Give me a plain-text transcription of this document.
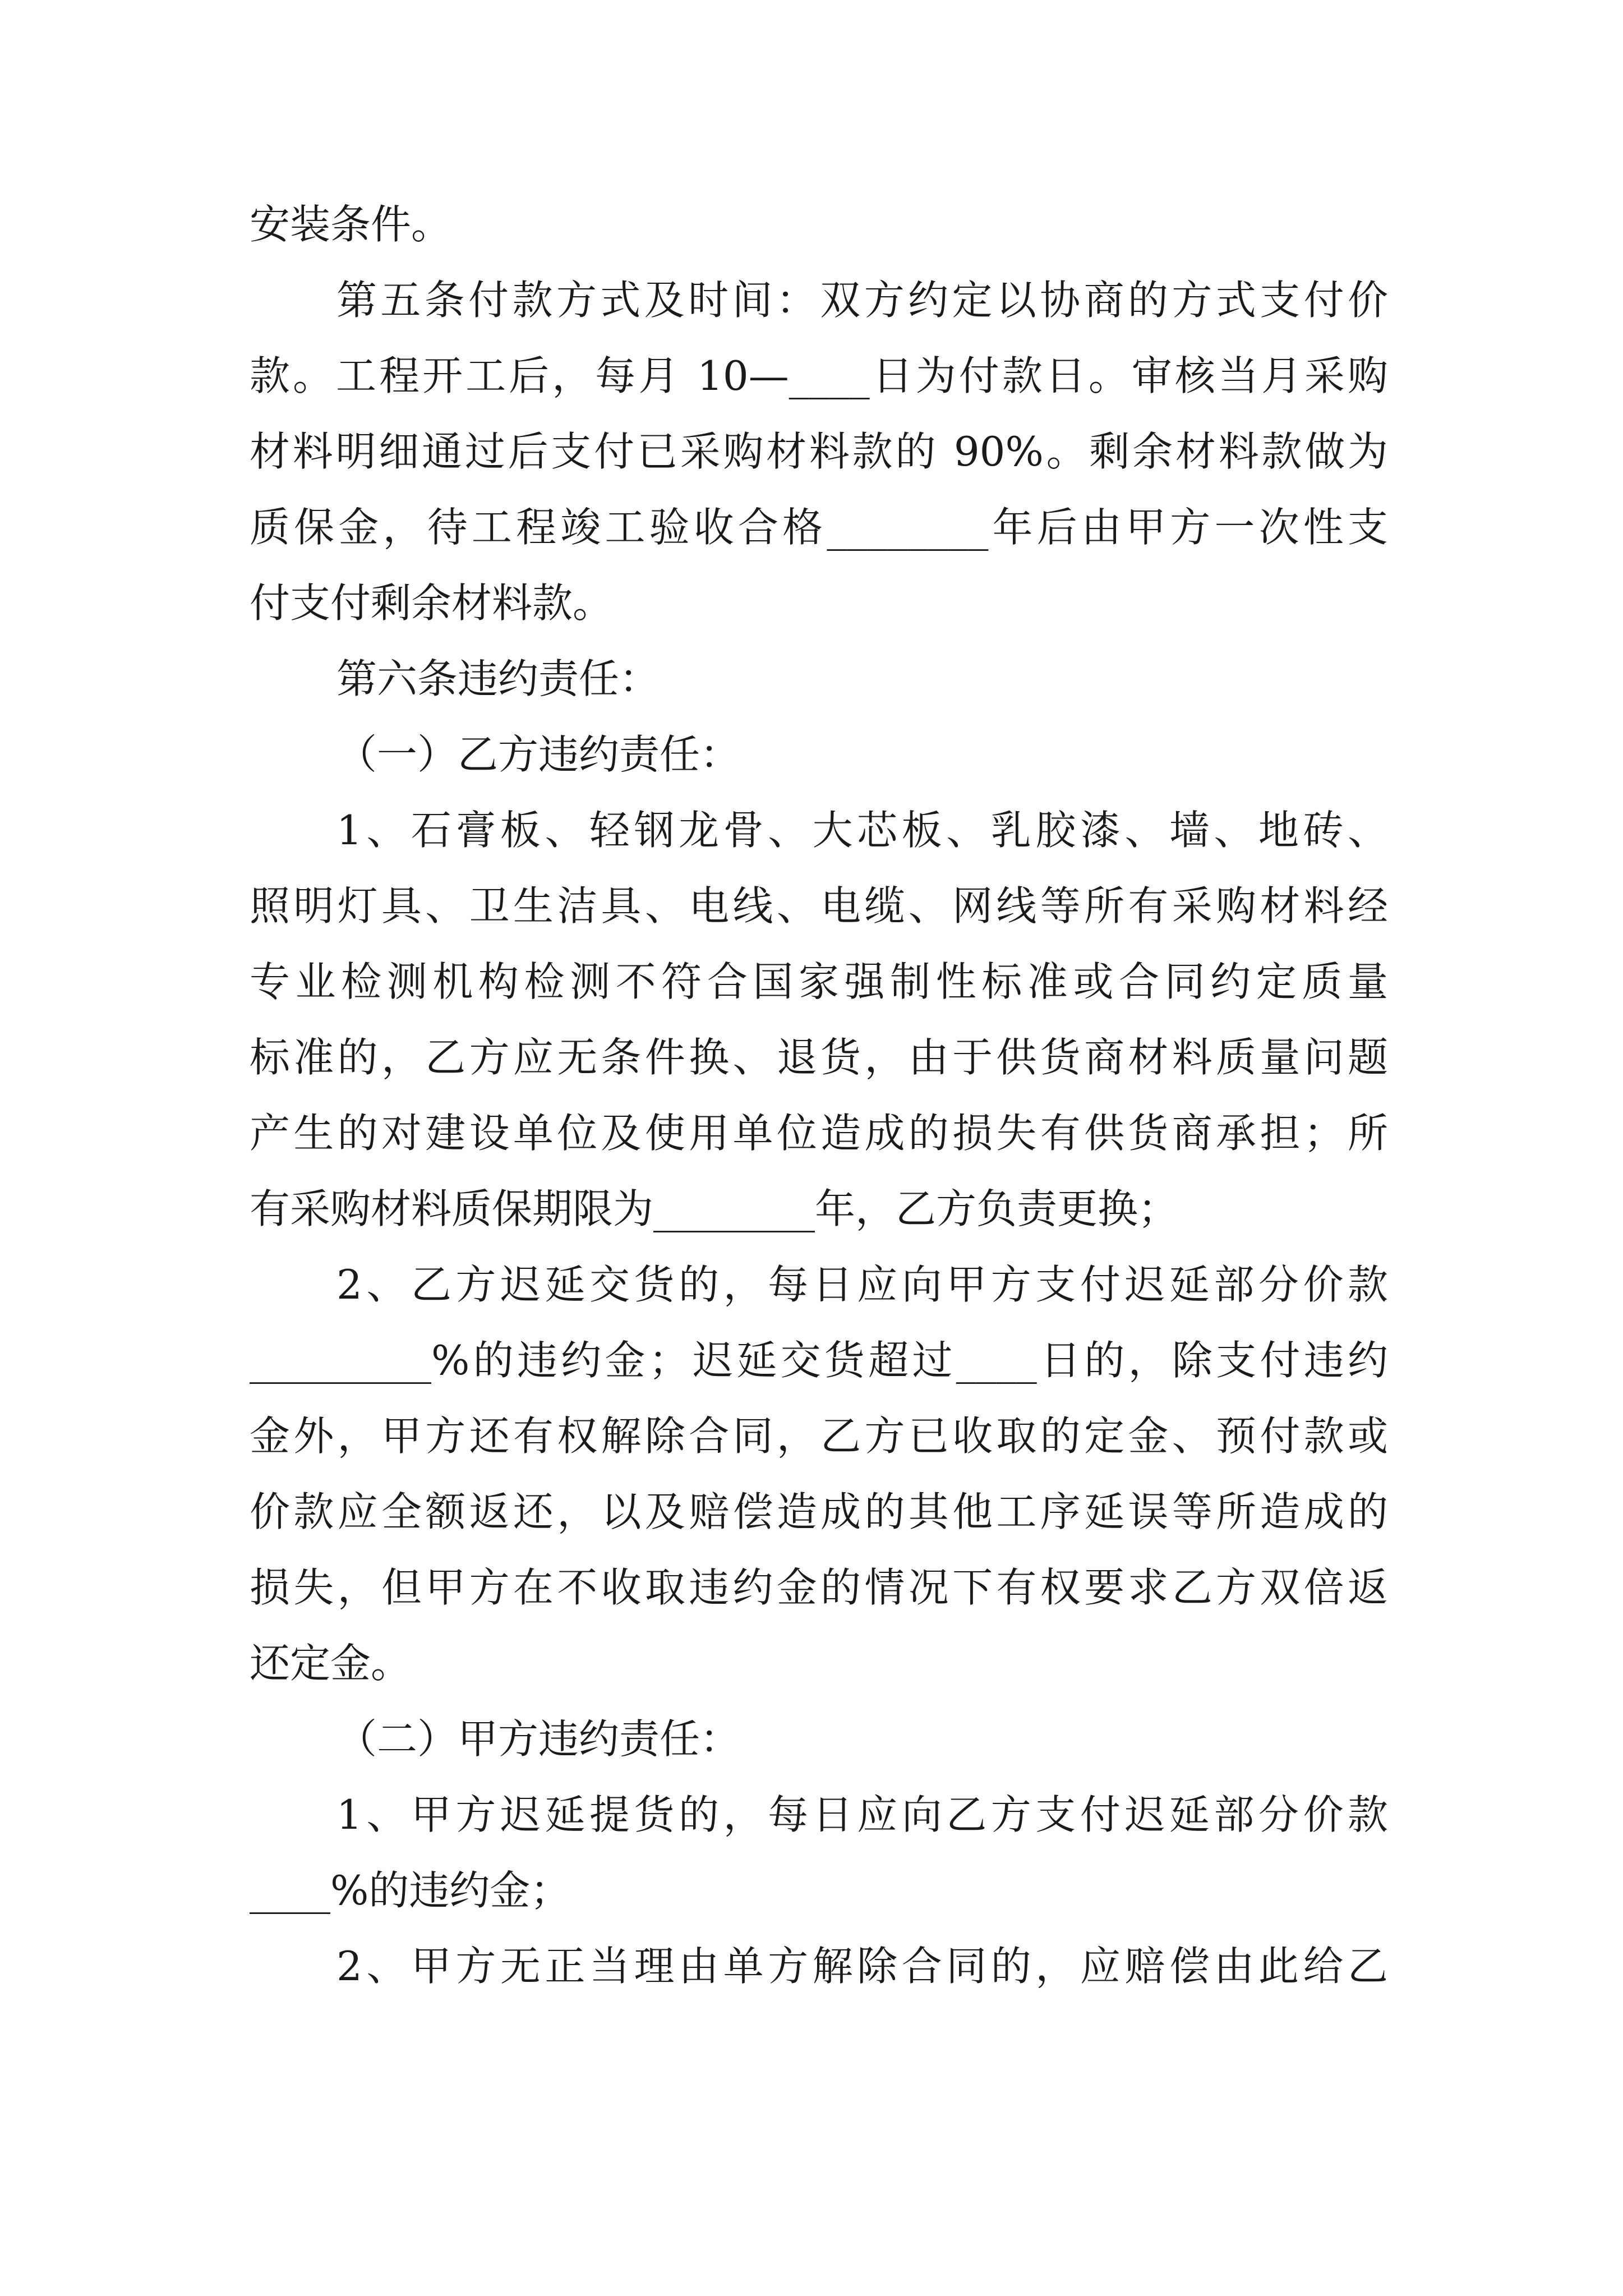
安装条件。
第五条付款方式及时间：双方约定以协商的方式支付价
款。工程开工后，每月 10—____日为付款日。审核当月采购
材料明细通过后支付已采购材料款的 90%。剩余材料款做为
质保金，待工程竣工验收合格________年后由甲方一次性支
付支付剩余材料款。
第六条违约责任：
（一）乙方违约责任：
1、石膏板、轻钢龙骨、大芯板、乳胶漆、墙、地砖、
照明灯具、卫生洁具、电线、电缆、网线等所有采购材料经
专业检测机构检测不符合国家强制性标准或合同约定质量
标准的，乙方应无条件换、退货，由于供货商材料质量问题
产生的对建设单位及使用单位造成的损失有供货商承担；所
有采购材料质保期限为________年，乙方负责更换；
2、乙方迟延交货的，每日应向甲方支付迟延部分价款
_________%的违约金；迟延交货超过____日的，除支付违约
金外，甲方还有权解除合同，乙方已收取的定金、预付款或
价款应全额返还，以及赔偿造成的其他工序延误等所造成的
损失，但甲方在不收取违约金的情况下有权要求乙方双倍返
还定金。
（二）甲方违约责任：
1、甲方迟延提货的，每日应向乙方支付迟延部分价款
____%的违约金；
2、甲方无正当理由单方解除合同的，应赔偿由此给乙
